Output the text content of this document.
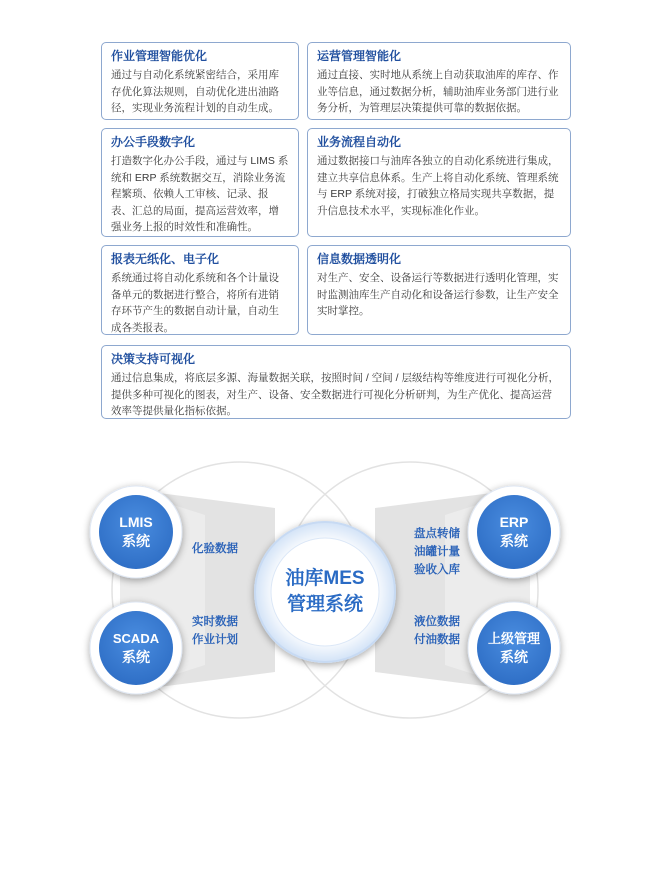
作业管理智能优化

通过与自动化系统紧密结合，采用库存优化算法规则，自动优化进出油路径，实现业务流程计划的自动生成。

运营管理智能化

通过直接、实时地从系统上自动获取油库的库存、作业等信息，通过数据分析，辅助油库业务部门进行业务分析，为管理层决策提供可靠的数据依据。

办公手段数字化

打造数字化办公手段，通过与 LIMS 系统和 ERP 系统数据交互，消除业务流程繁琐、依赖人工审核、记录、报表、汇总的局面，提高运营效率，增强业务上报的时效性和准确性。

业务流程自动化

通过数据接口与油库各独立的自动化系统进行集成，建立共享信息体系。生产上将自动化系统、管理系统与 ERP 系统对接，打破独立格局实现共享数据，提升信息技术水平，实现标准化作业。

报表无纸化、电子化

系统通过将自动化系统和各个计量设备单元的数据进行整合，将所有进销存环节产生的数据自动计量，自动生成各类报表。

信息数据透明化

对生产、安全、设备运行等数据进行透明化管理，实时监测油库生产自动化和设备运行参数，让生产安全实时掌控。

决策支持可视化

通过信息集成，将底层多源、海量数据关联，按照时间 / 空间 / 层级结构等维度进行可视化分析，提供多种可视化的图表，对生产、设备、安全数据进行可视化分析研判，为生产优化、提高运营效率等提供量化指标依据。

油库MES
管理系统
LMIS
系统
SCADA
系统
ERP
系统
上级管理
系统
化验数据
实时数据
作业计划
盘点转储
油罐计量
验收入库
液位数据
付油数据
